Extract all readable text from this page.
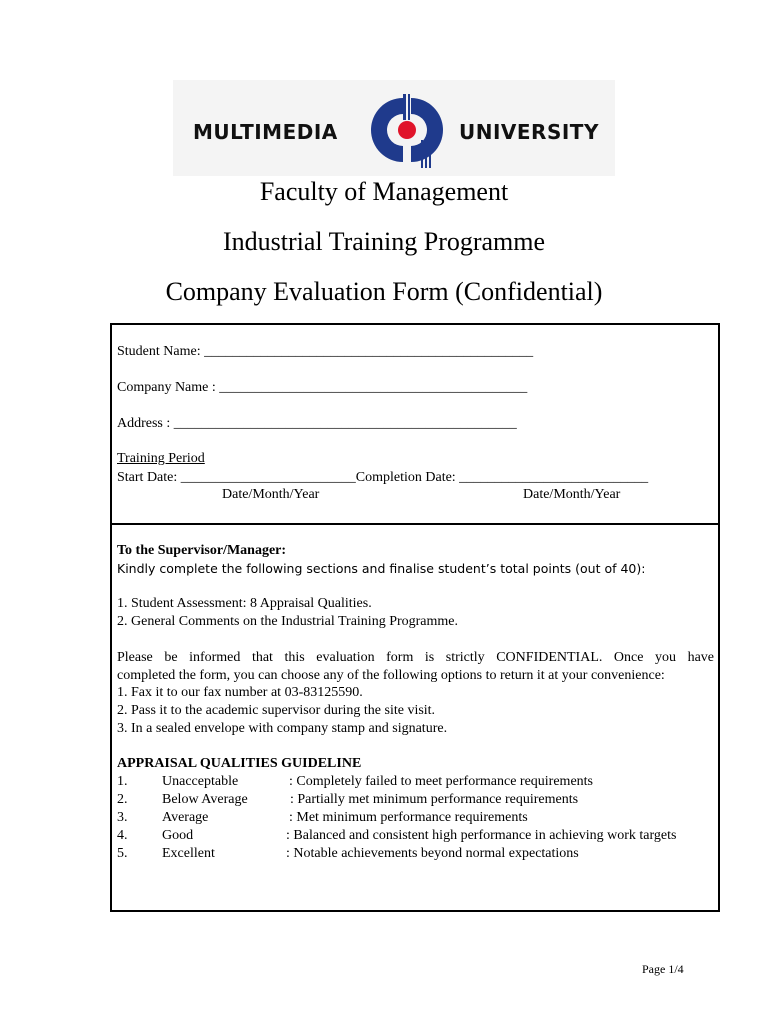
MULTIMEDIA	UNIVERSITY
Faculty of Management
Industrial Training Programme
Company Evaluation Form (Confidential)
Student Name: _______________________________________________
Company Name : ____________________________________________
Address : _________________________________________________
Training Period
Start Date: _________________________Completion Date: ___________________________
Date/Month/Year	Date/Month/Year
To the Supervisor/Manager:
Kindly complete the following sections and finalise student’s total points (out of 40):
1. Student Assessment: 8 Appraisal Qualities.
2. General Comments on the Industrial Training Programme.
Please be informed that this evaluation form is strictly CONFIDENTIAL. Once you have
completed the form, you can choose any of the following options to return it at your convenience:
1. Fax it to our fax number at 03-83125590.
2. Pass it to the academic supervisor during the site visit.
3. In a sealed envelope with company stamp and signature.
APPRAISAL QUALITIES GUIDELINE
1. Unacceptable	: Completely failed to meet performance requirements
2. Below Average	: Partially met minimum performance requirements
3. Average	: Met minimum performance requirements
4. Good	: Balanced and consistent high performance in achieving work targets
5. Excellent	: Notable achievements beyond normal expectations
Page 1/4
